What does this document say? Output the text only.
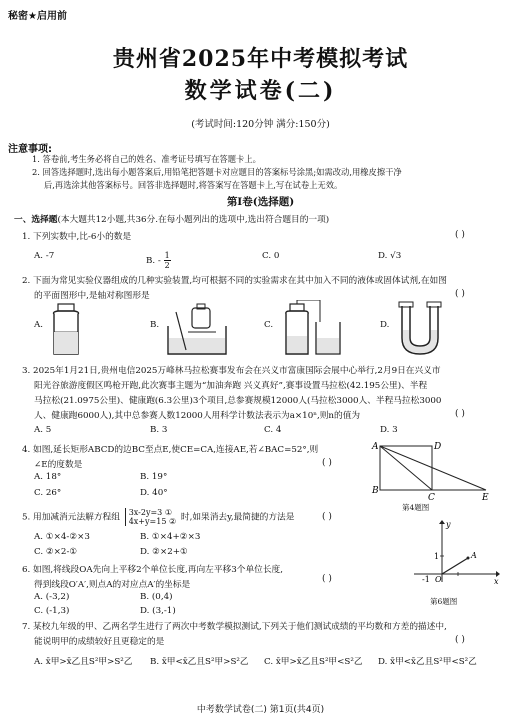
秘密★启用前
贵州省2025年中考模拟考试
数学试卷(二)
(考试时间:120分钟 满分:150分)
注意事项:
1. 答卷前,考生务必将自己的姓名、准考证号填写在答题卡上。
2. 回答选择题时,选出每小题答案后,用铅笔把答题卡对应题目的答案标号涂黑;如需改动,用橡皮擦干净
后,再选涂其他答案标号。回答非选择题时,将答案写在答题卡上,写在试卷上无效。
第Ⅰ卷(选择题)
一、选择题(本大题共12小题,共36分.在每小题列出的选项中,选出符合题目的一项)
1. 下列实数中,比-6小的数是	( )
A. -7	B. - $\frac{1}{2}$	C. 0	D. √3
2. 下面为常见实验仪器组成的几种实验装置,均可根据不同的实验需求在其中加入不同的液体或固体试剂,在如图
的平面图形中,是轴对称图形是	( )
A.	B.	C.	D.
3. 2025年1月21日,贵州电信2025万峰林马拉松赛事发布会在兴义市富康国际会展中心举行,2月9日在兴义市
阳光谷旅游度假区鸣枪开跑,此次赛事主题为“加油奔跑 兴义真好”,赛事设置马拉松(42.195公里)、半程
马拉松(21.0975公里)、健康跑(6.3公里)3个项目,总参赛规模12000人(马拉松3000人、半程马拉松3000
人、健康跑6000人),其中总参赛人数12000人用科学计数法表示为a×10ⁿ,则n的值为	( )
A. 5	B. 3	C. 4	D. 3
4. 如图,延长矩形ABCD的边BC至点E,使CE=CA,连接AE,若∠BAC=52°,则
∠E的度数是	( )
A. 18°	B. 19°
C. 26°	D. 40°
A	D
B
C	E
第4题图
5. 用加减消元法解方程组 3x-2y=3 ①
4x+y=15 ② 时,如果消去y,最简捷的方法是	( )
A. ①×4-②×3	B. ①×4+②×3
C. ②×2-①	D. ②×2+①
6. 如图,将线段OA先向上平移2个单位长度,再向左平移3个单位长度,
得到线段O′A′,则点A的对应点A′的坐标是
( )
A. (-3,2)	B. (0,4)
C. (-1,3)	D. (3,-1)
y
x
O
A
1
-1
第6题图
7. 某校九年级的甲、乙两名学生进行了两次中考数学模拟测试,下列关于他们测试成绩的平均数和方差的描述中,
能说明甲的成绩较好且更稳定的是	( )
A. x̄甲>x̄乙且S²甲>S²乙 B. x̄甲<x̄乙且S²甲>S²乙 C. x̄甲>x̄乙且S²甲<S²乙 D. x̄甲<x̄乙且S²甲<S²乙
中考数学试卷(二) 第1页(共4页)
